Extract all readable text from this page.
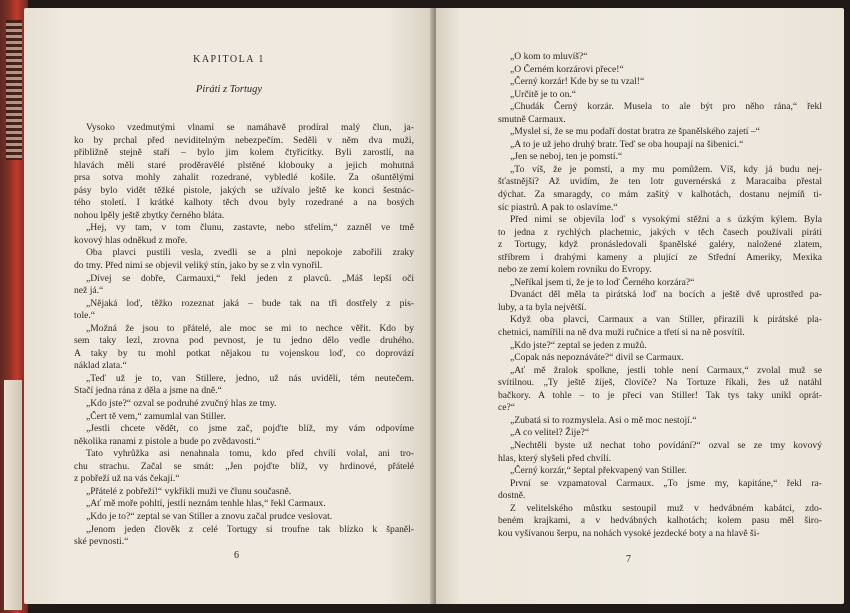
KAPITOLA 1
Piráti z Tortugy
Vysoko vzedmutými vlnami se namáhavě prodíral malý člun, ja-
ko by prchal před neviditelným nebezpečím. Seděli v něm dva muži,
přibližně stejně staří – bylo jim kolem čtyřicítky. Byli zarostlí, na
hlavách měli staré proděravělé plstěné klobouky a jejich mohutná
prsa sotva mohly zahalit rozedrané, vybledlé košile. Za ošuntělými
pásy bylo vidět těžké pistole, jakých se užívalo ještě ke konci šestnác-
tého století. I krátké kalhoty těch dvou byly rozedrané a na bosých
nohou lpěly ještě zbytky černého bláta.
„Hej, vy tam, v tom člunu, zastavte, nebo střelím,“ zazněl ve tmě
kovový hlas odněkud z moře.
Oba plavci pustili vesla, zvedli se a plni nepokoje zabořili zraky
do tmy. Před nimi se objevil veliký stín, jako by se z vln vynořil.
„Dívej se dobře, Carmauxi,“ řekl jeden z plavců. „Máš lepší oči
než já.“
„Nějaká loď, těžko rozeznat jaká – bude tak na tři dostřely z pis-
tole.“
„Možná že jsou to přátelé, ale moc se mi to nechce věřit. Kdo by
sem taky lezl, zrovna pod pevnost, je tu jedno dělo vedle druhého.
A taky by tu mohl potkat nějakou tu vojenskou loď, co doprovází
náklad zlata.“
„Teď už je to, van Stillere, jedno, už nás uviděli, tém neutečem.
Stačí jedna rána z děla a jsme na dně.“
„Kdo jste?“ ozval se podruhé zvučný hlas ze tmy.
„Čert tě vem,“ zamumlal van Stiller.
„Jestli chcete vědět, co jsme zač, pojďte blíž, my vám odpovíme
několika ranami z pistole a bude po zvědavosti.“
Tato vyhrůžka asi nenahnala tomu, kdo před chvílí volal, ani tro-
chu strachu. Začal se smát: „Jen pojďte blíž, vy hrdinové, přátelé
z pobřeží už na vás čekají.“
„Přátelé z pobřeží!“ vykřikli muži ve člunu současně.
„Ať mě moře pohltí, jestli neznám tenhle hlas,“ řekl Carmaux.
„Kdo je to?“ zeptal se van Stiller a znovu začal prudce veslovat.
„Jenom jeden člověk z celé Tortugy si troufne tak blízko k španěl-
ské pevnosti.“
6
„O kom to mluvíš?“
„O Černém korzárovi přece!“
„Černý korzár! Kde by se tu vzal!“
„Určitě je to on.“
„Chudák Černý korzár. Musela to ale být pro něho rána,“ řekl
smutně Carmaux.
„Myslel si, že se mu podaří dostat bratra ze španělského zajetí –“
„A to je už jeho druhý bratr. Teď se oba houpají na šibenici.“
„Jen se neboj, ten je pomstí.“
„To víš, že je pomstí, a my mu pomůžem. Víš, kdy já budu nej-
šťastnější? Až uvidím, že ten lotr guvernérská z Maracaiba přestal
dýchat. Za smaragdy, co mám zašitý v kalhotách, dostanu nejmíň ti-
síc piastrů. A pak to oslavíme.“
Před nimi se objevila loď s vysokými stěžni a s úzkým kýlem. Byla
to jedna z rychlých plachetnic, jakých v těch časech používali piráti
z Tortugy, když pronásledovali španělské galéry, naložené zlatem,
stříbrem i drahými kameny a plující ze Střední Ameriky, Mexika
nebo ze zemí kolem rovníku do Evropy.
„Neříkal jsem ti, že je to loď Černého korzára?“
Dvanáct děl měla ta pirátská loď na bocích a ještě dvě uprostřed pa-
luby, a ta byla největší.
Když oba plavci, Carmaux a van Stiller, přirazili k pirátské pla-
chetnici, namířili na ně dva muži ručnice a třetí si na ně posvítil.
„Kdo jste?“ zeptal se jeden z mužů.
„Copak nás nepoznáváte?“ divil se Carmaux.
„Ať mě žralok spolkne, jestli tohle není Carmaux,“ zvolal muž se
svítilnou. „Ty ještě žiješ, človiče? Na Tortuze říkali, žes už natáhl
bačkory. A tohle – to je přeci van Stiller! Tak tys taky unikl oprát-
ce?“
„Zubatá si to rozmyslela. Asi o mě moc nestojí.“
„A co velitel? Žije?“
„Nechtěli byste už nechat toho povídání?“ ozval se ze tmy kovový
hlas, který slyšeli před chvílí.
„Černý korzár,“ šeptal překvapený van Stiller.
První se vzpamatoval Carmaux. „To jsme my, kapitáne,“ řekl ra-
dostně.
Z velitelského můstku sestoupil muž v hedvábném kabátci, zdo-
beném krajkami, a v hedvábných kalhotách; kolem pasu měl širo-
kou vyšívanou šerpu, na nohách vysoké jezdecké boty a na hlavě ši-
7
